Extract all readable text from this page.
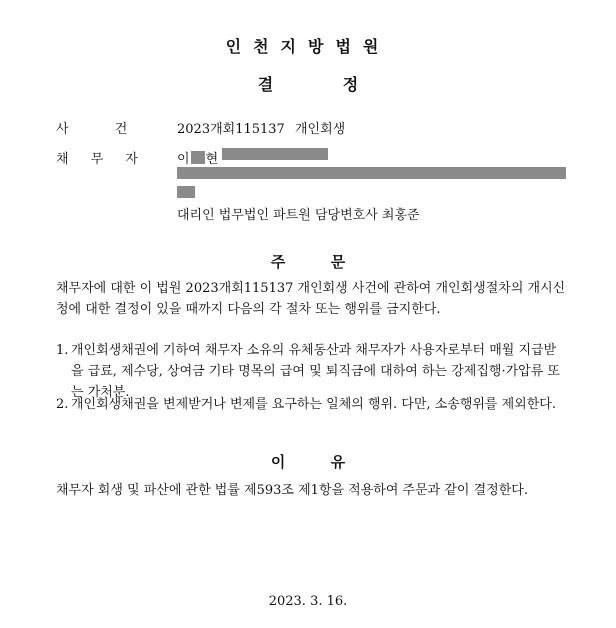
인천지방법원
결 정
사 건	2023개회115137 개인회생
채 무 자	이 현
대리인 법무법인 파트원 담당변호사 최홍준
주 문
채무자에 대한 이 법원 2023개회115137 개인회생 사건에 관하여 개인회생절차의 개시신청에 대한 결정이 있을 때까지 다음의 각 절차 또는 행위를 금지한다.
1. 개인회생채권에 기하여 채무자 소유의 유체동산과 채무자가 사용자로부터 매월 지급받을 급료, 제수당, 상여금 기타 명목의 급여 및 퇴직금에 대하여 하는 강제집행·가압류 또는 가처분.
2. 개인회생채권을 변제받거나 변제를 요구하는 일체의 행위. 다만, 소송행위를 제외한다.
이 유
채무자 회생 및 파산에 관한 법률 제593조 제1항을 적용하여 주문과 같이 결정한다.
2023. 3. 16.
